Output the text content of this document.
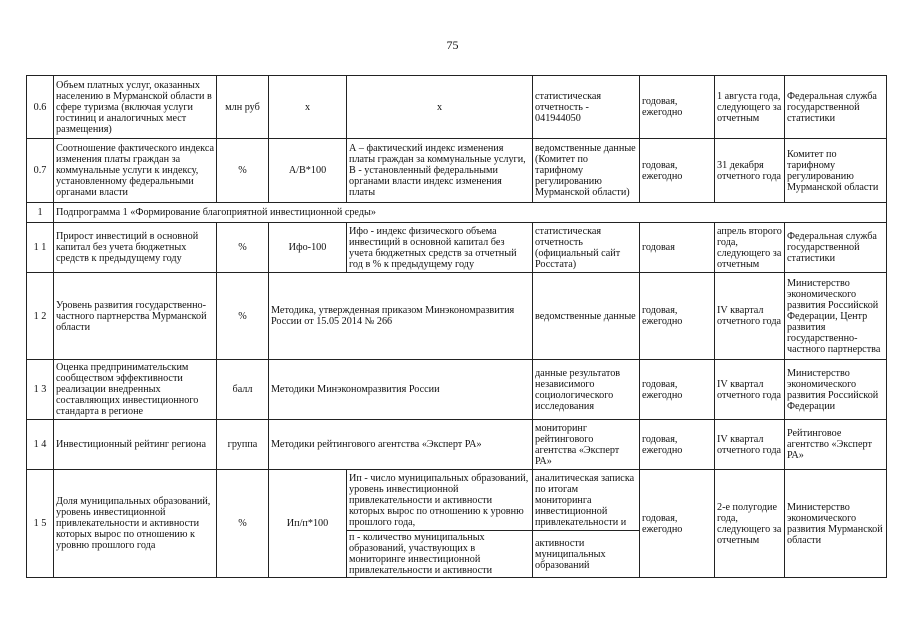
75
0.6	Объем платных услуг, оказанных населению в Мурманской области в сфере туризма (включая услуги гостиниц и аналогичных мест размещения)	млн руб	х	х	статистическая отчетность - 041944050	годовая, ежегодно	1 августа года, следующего за отчетным	Федеральная служба государственной статистики
0.7	Соотношение фактического индекса изменения платы граждан за коммунальные услуги к индексу, установленному федеральными органами власти	%	А/В*100	А – фактический индекс изменения платы граждан за коммунальные услуги, В - установленный федеральными органами власти индекс изменения платы	ведомственные данные (Комитет по тарифному регулированию Мурманской области)	годовая, ежегодно	31 декабря отчетного года	Комитет по тарифному регулированию Мурманской области
1	Подпрограмма 1 «Формирование благоприятной инвестиционной среды»							
1 1	Прирост инвестиций в основной капитал без учета бюджетных средств к предыдущему году	%	Ифо-100	Ифо - индекс физического объема инвестиций в основной капитал без учета бюджетных средств за отчетный год в % к предыдущему году	статистическая отчетность (официальный сайт Росстата)	годовая	апрель второго года, следующего за отчетным	Федеральная служба государственной статистики
1 2	Уровень развития государственно-частного партнерства Мурманской области	%	Методика, утвержденная приказом Минэкономразвития России от 15.05 2014 № 266		ведомственные данные	годовая, ежегодно	IV квартал отчетного года	Министерство экономического развития Российской Федерации, Центр развития государственно-частного партнерства
1 3	Оценка предпринимательским сообществом эффективности реализации внедренных составляющих инвестиционного стандарта в регионе	балл	Методики Минэкономразвития России		данные результатов независимого социологического исследования	годовая, ежегодно	IV квартал отчетного года	Министерство экономического развития Российской Федерации
1 4	Инвестиционный рейтинг региона	группа	Методики рейтингового агентства «Эксперт РА»		мониторинг рейтингового агентства «Эксперт РА»	годовая, ежегодно	IV квартал отчетного года	Рейтинговое агентство «Эксперт РА»
1 5	Доля муниципальных образований, уровень инвестиционной привлекательности и активности которых вырос по отношению к уровню прошлого года	%	Ип/п*100	Ип - число муниципальных образований, уровень инвестиционной привлекательности и активности которых вырос по отношению к уровню прошлого года,	аналитическая записка по итогам мониторинга инвестиционной привлекательности и	годовая, ежегодно	2-е полугодие года, следующего за отчетным	Министерство экономического развития Мурманской области
				п - количество муниципальных образований, участвующих в мониторинге инвестиционной привлекательности и активности	активности муниципальных образований			
